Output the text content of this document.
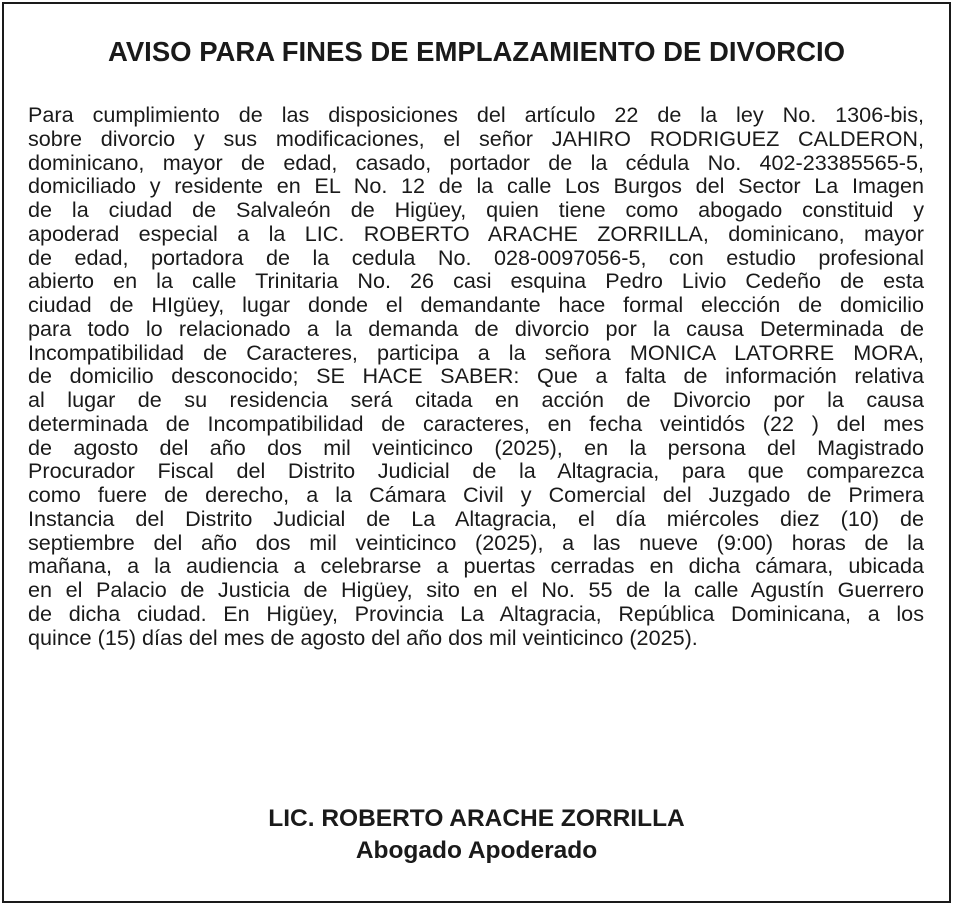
AVISO PARA FINES DE EMPLAZAMIENTO DE DIVORCIO
Para cumplimiento de las disposiciones del artículo 22 de la ley No. 1306-bis,
sobre divorcio y sus modificaciones, el señor JAHIRO RODRIGUEZ CALDERON,
dominicano, mayor de edad, casado, portador de la cédula No. 402-23385565-5,
domiciliado y residente en EL No. 12 de la calle Los Burgos del Sector La Imagen
de la ciudad de Salvaleón de Higüey, quien tiene como abogado constituid y
apoderad especial a la LIC. ROBERTO ARACHE ZORRILLA, dominicano, mayor
de edad, portadora de la cedula No. 028-0097056-5, con estudio profesional
abierto en la calle Trinitaria No. 26 casi esquina Pedro Livio Cedeño de esta
ciudad de HIgüey, lugar donde el demandante hace formal elección de domicilio
para todo lo relacionado a la demanda de divorcio por la causa Determinada de
Incompatibilidad de Caracteres, participa a la señora MONICA LATORRE MORA,
de domicilio desconocido; SE HACE SABER: Que a falta de información relativa
al lugar de su residencia será citada en acción de Divorcio por la causa
determinada de Incompatibilidad de caracteres, en fecha veintidós (22 ) del mes
de agosto del año dos mil veinticinco (2025), en la persona del Magistrado
Procurador Fiscal del Distrito Judicial de la Altagracia, para que comparezca
como fuere de derecho, a la Cámara Civil y Comercial del Juzgado de Primera
Instancia del Distrito Judicial de La Altagracia, el día miércoles diez (10) de
septiembre del año dos mil veinticinco (2025), a las nueve (9:00) horas de la
mañana, a la audiencia a celebrarse a puertas cerradas en dicha cámara, ubicada
en el Palacio de Justicia de Higüey, sito en el No. 55 de la calle Agustín Guerrero
de dicha ciudad. En Higüey, Provincia La Altagracia, República Dominicana, a los
quince (15) días del mes de agosto del año dos mil veinticinco (2025).
LIC. ROBERTO ARACHE ZORRILLA
Abogado Apoderado
